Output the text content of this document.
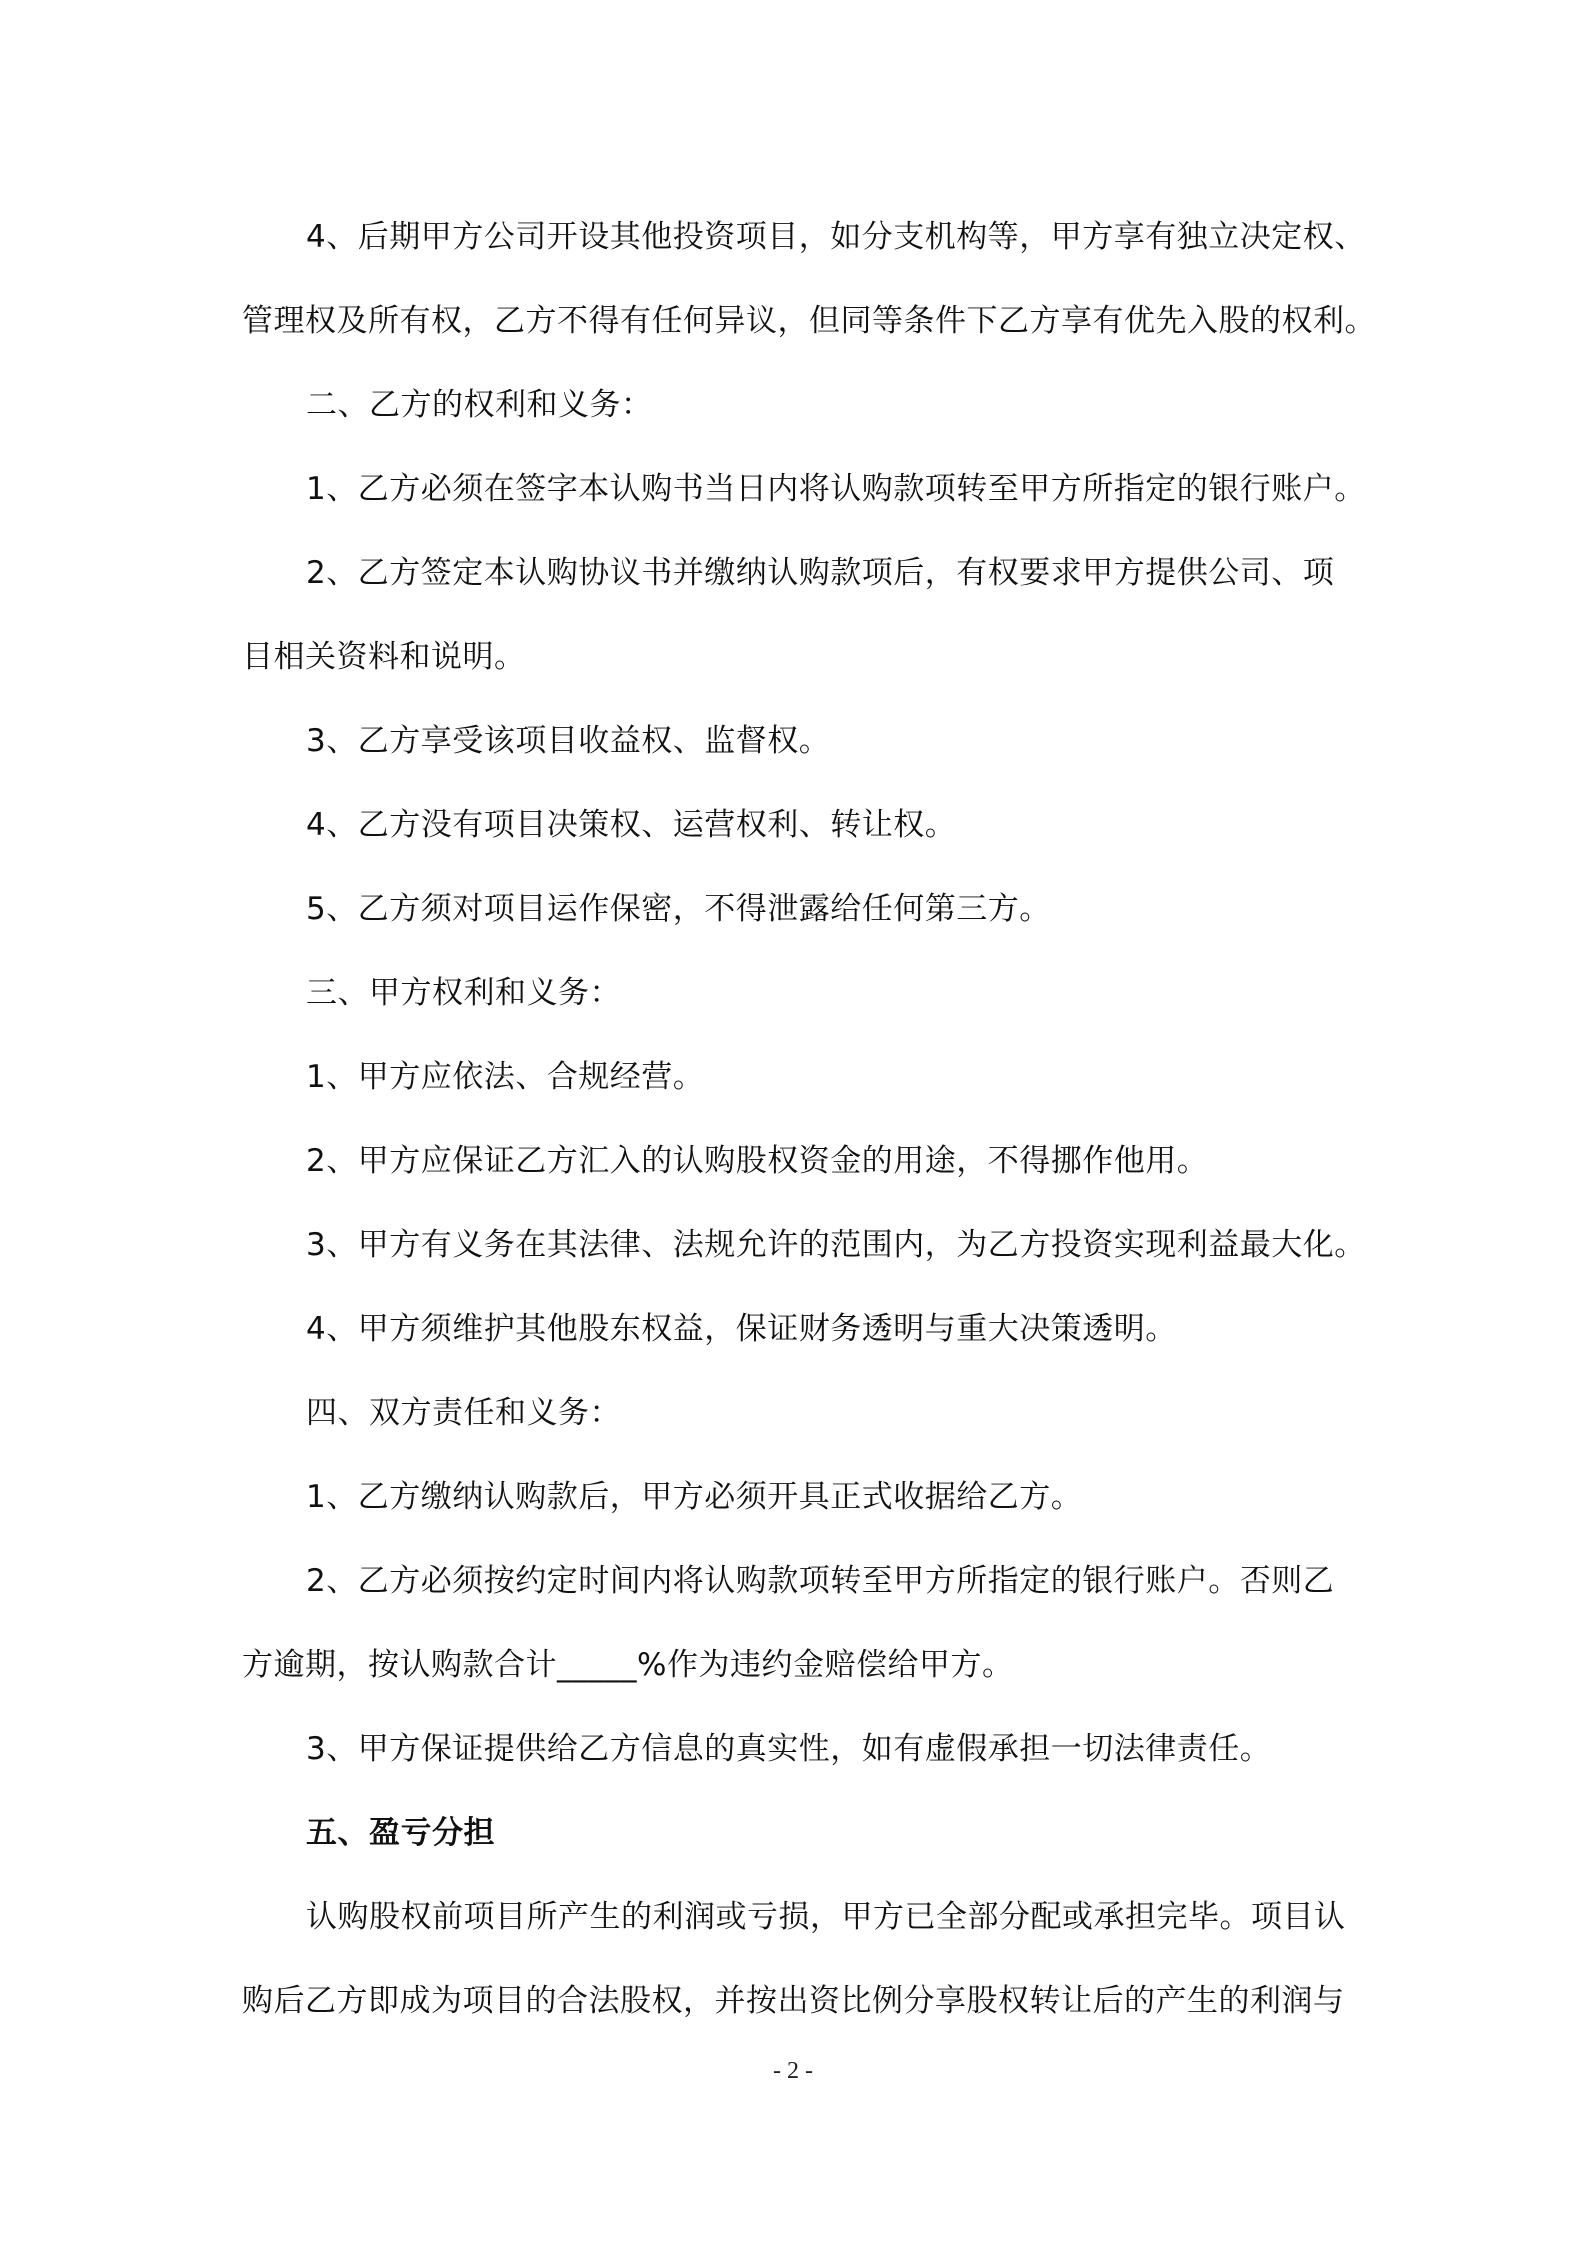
4、后期甲方公司开设其他投资项目，如分支机构等，甲方享有独立决定权、

管理权及所有权，乙方不得有任何异议，但同等条件下乙方享有优先入股的权利。

二、乙方的权利和义务：

1、乙方必须在签字本认购书当日内将认购款项转至甲方所指定的银行账户。

2、乙方签定本认购协议书并缴纳认购款项后，有权要求甲方提供公司、项

目相关资料和说明。

3、乙方享受该项目收益权、监督权。

4、乙方没有项目决策权、运营权利、转让权。

5、乙方须对项目运作保密，不得泄露给任何第三方。

三、甲方权利和义务：

1、甲方应依法、合规经营。

2、甲方应保证乙方汇入的认购股权资金的用途，不得挪作他用。

3、甲方有义务在其法律、法规允许的范围内，为乙方投资实现利益最大化。

4、甲方须维护其他股东权益，保证财务透明与重大决策透明。

四、双方责任和义务：

1、乙方缴纳认购款后，甲方必须开具正式收据给乙方。

2、乙方必须按约定时间内将认购款项转至甲方所指定的银行账户。否则乙

方逾期，按认购款合计_____%作为违约金赔偿给甲方。

3、甲方保证提供给乙方信息的真实性，如有虚假承担一切法律责任。

五、盈亏分担

认购股权前项目所产生的利润或亏损，甲方已全部分配或承担完毕。项目认

购后乙方即成为项目的合法股权，并按出资比例分享股权转让后的产生的利润与

- 2 -
